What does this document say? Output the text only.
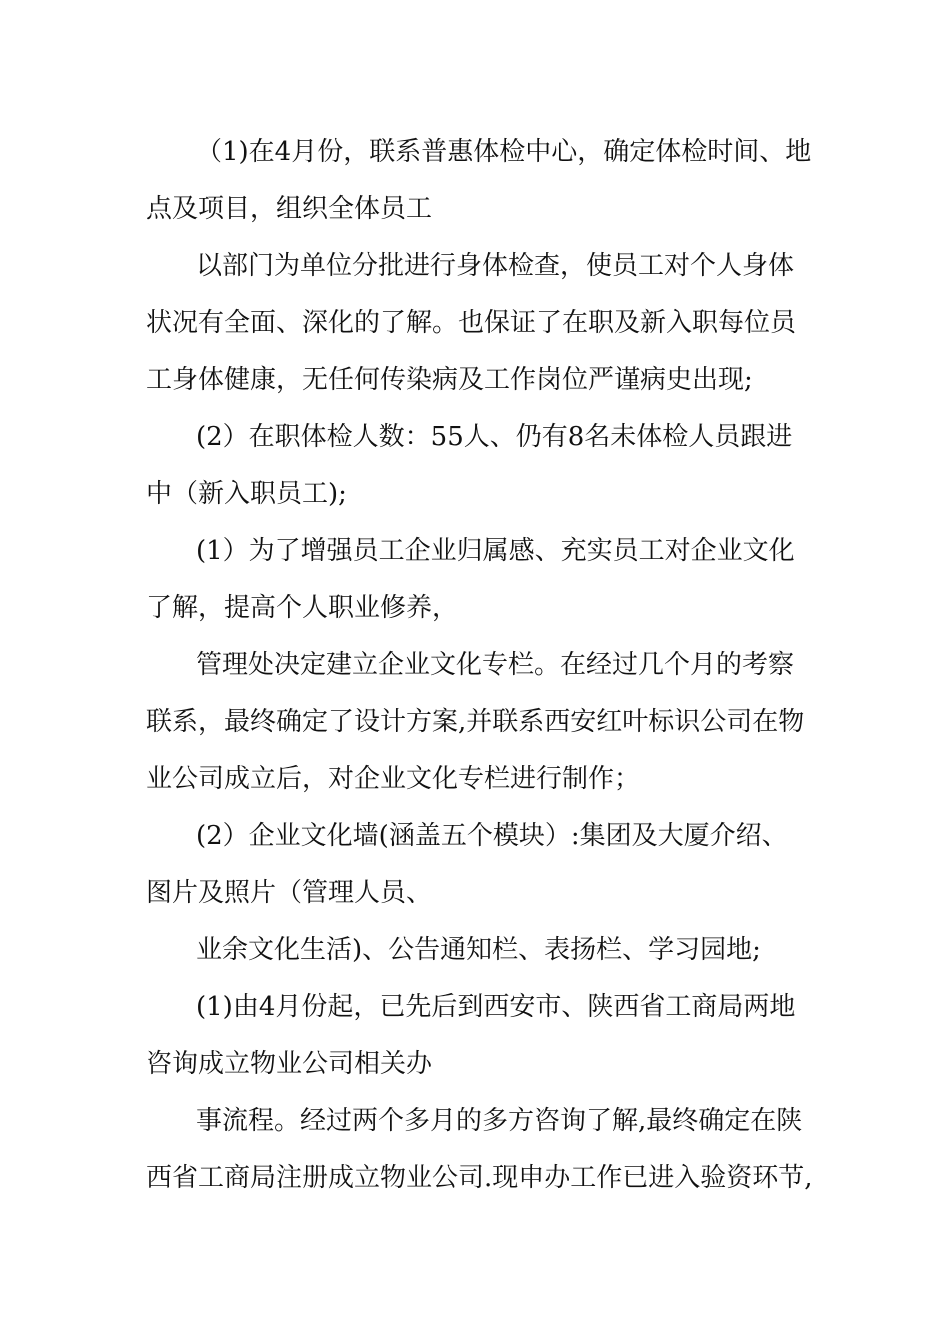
（1)在4月份，联系普惠体检中心，确定体检时间、地
点及项目，组织全体员工
以部门为单位分批进行身体检查，使员工对个人身体
状况有全面、深化的了解。也保证了在职及新入职每位员
工身体健康，无任何传染病及工作岗位严谨病史出现;
(2）在职体检人数：55人、仍有8名未体检人员跟进
中（新入职员工);
(1）为了增强员工企业归属感、充实员工对企业文化
了解，提高个人职业修养，
管理处决定建立企业文化专栏。在经过几个月的考察
联系，最终确定了设计方案,并联系西安红叶标识公司在物
业公司成立后，对企业文化专栏进行制作；
(2）企业文化墙(涵盖五个模块）:集团及大厦介绍、
图片及照片（管理人员、
业余文化生活)、公告通知栏、表扬栏、学习园地;
(1)由4月份起，已先后到西安市、陕西省工商局两地
咨询成立物业公司相关办
事流程。经过两个多月的多方咨询了解,最终确定在陕
西省工商局注册成立物业公司.现申办工作已进入验资环节,
